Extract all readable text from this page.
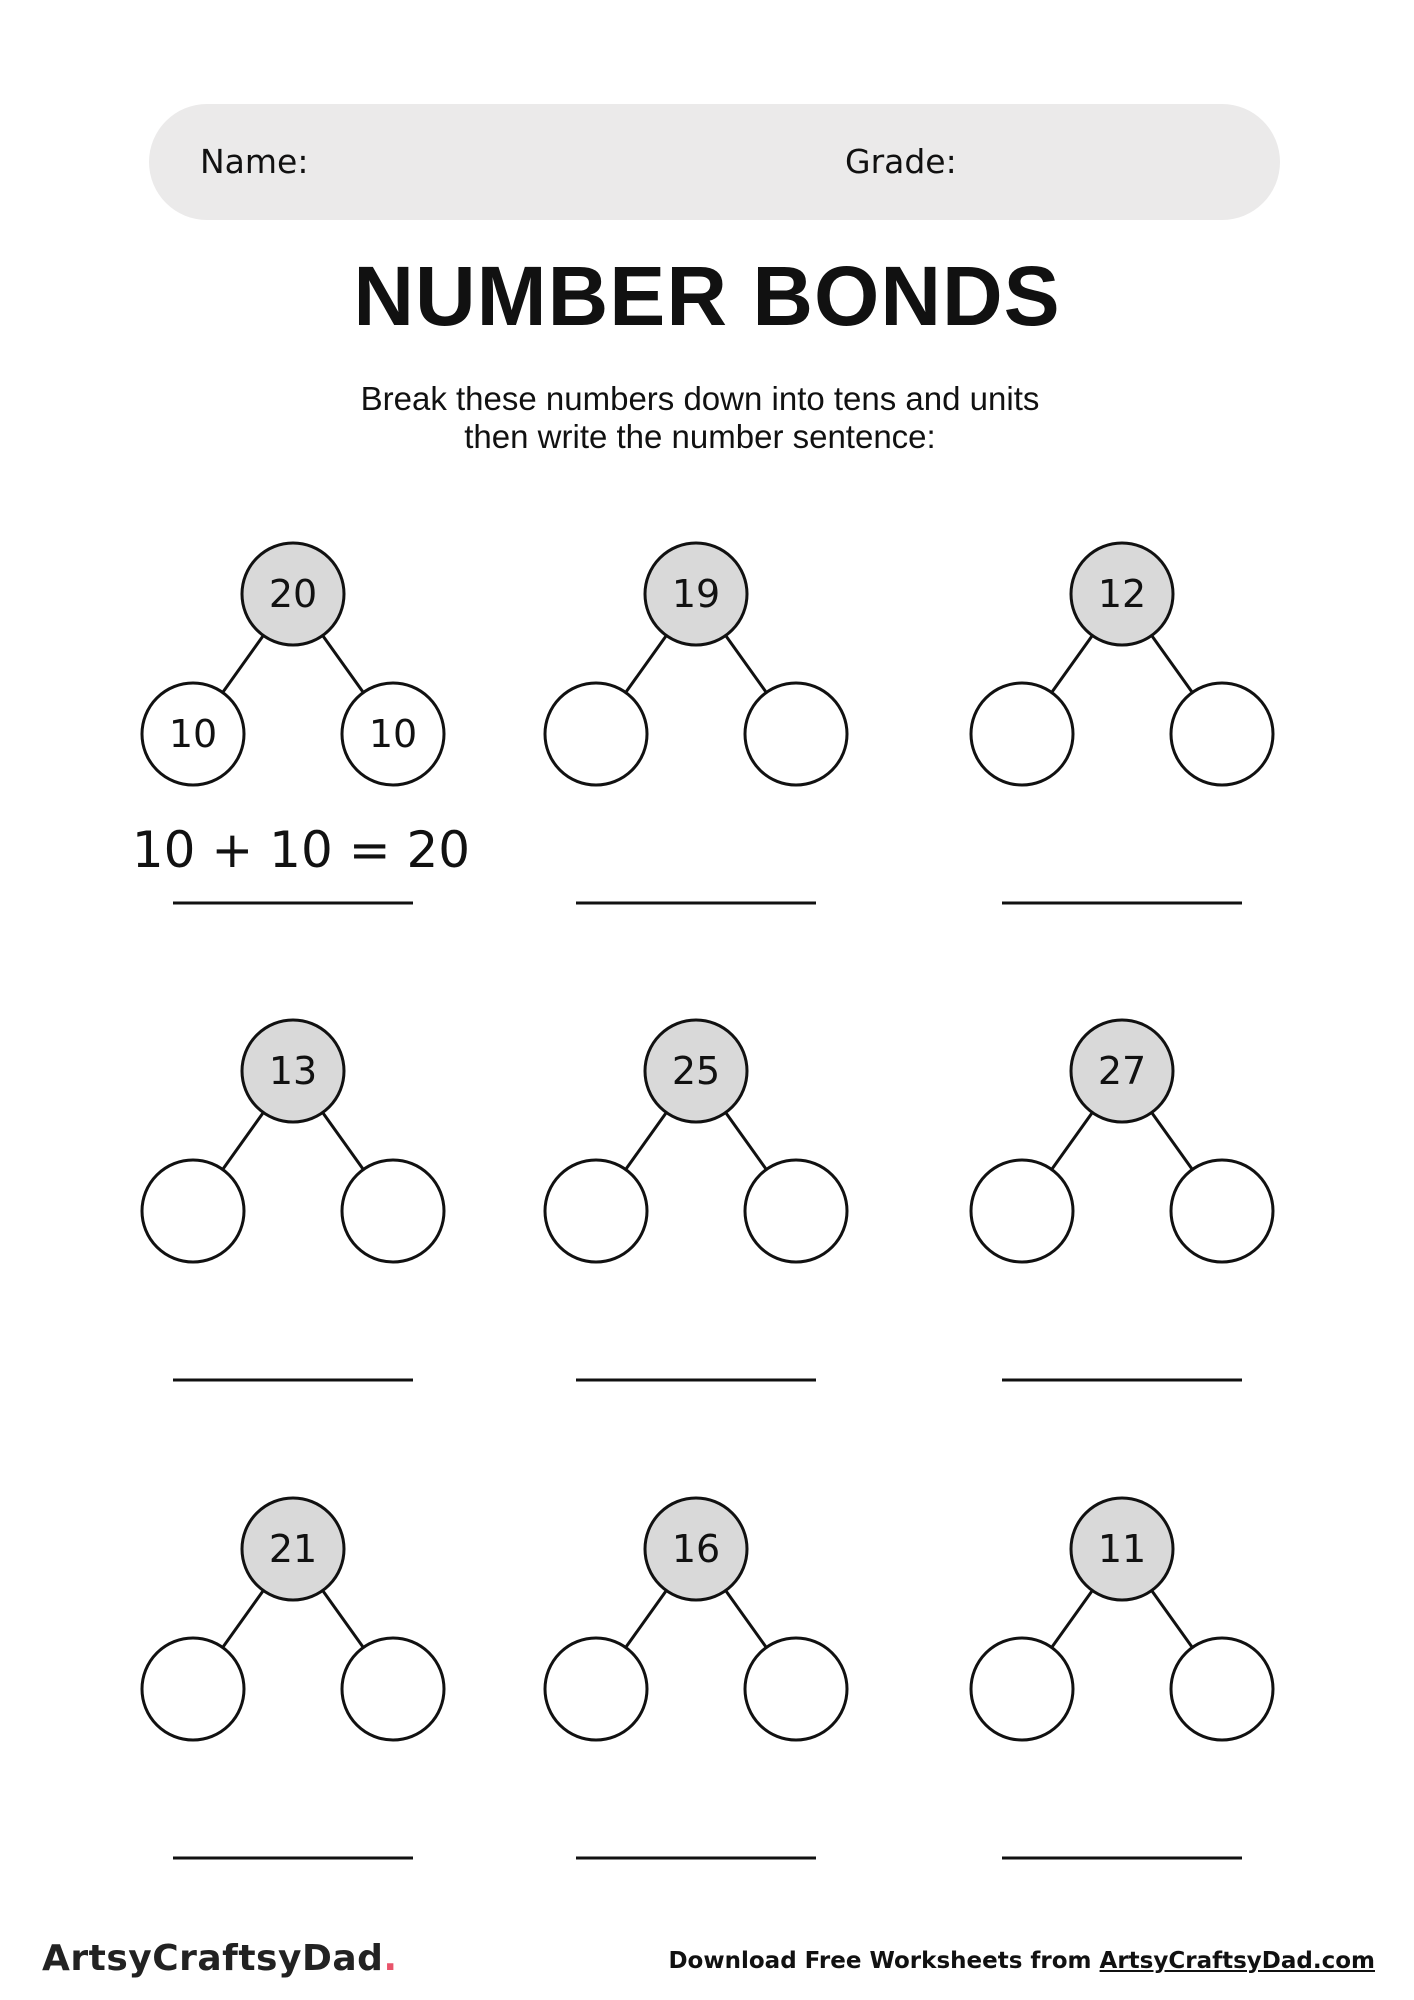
Name:	Grade:
NUMBER BONDS
Break these numbers down into tens and units
then write the number sentence:
20
10	10
10 + 10 = 20
19	12
13	25	27
21	16	11
ArtsyCraftsyDad.	Download Free Worksheets from ArtsyCraftsyDad.com
